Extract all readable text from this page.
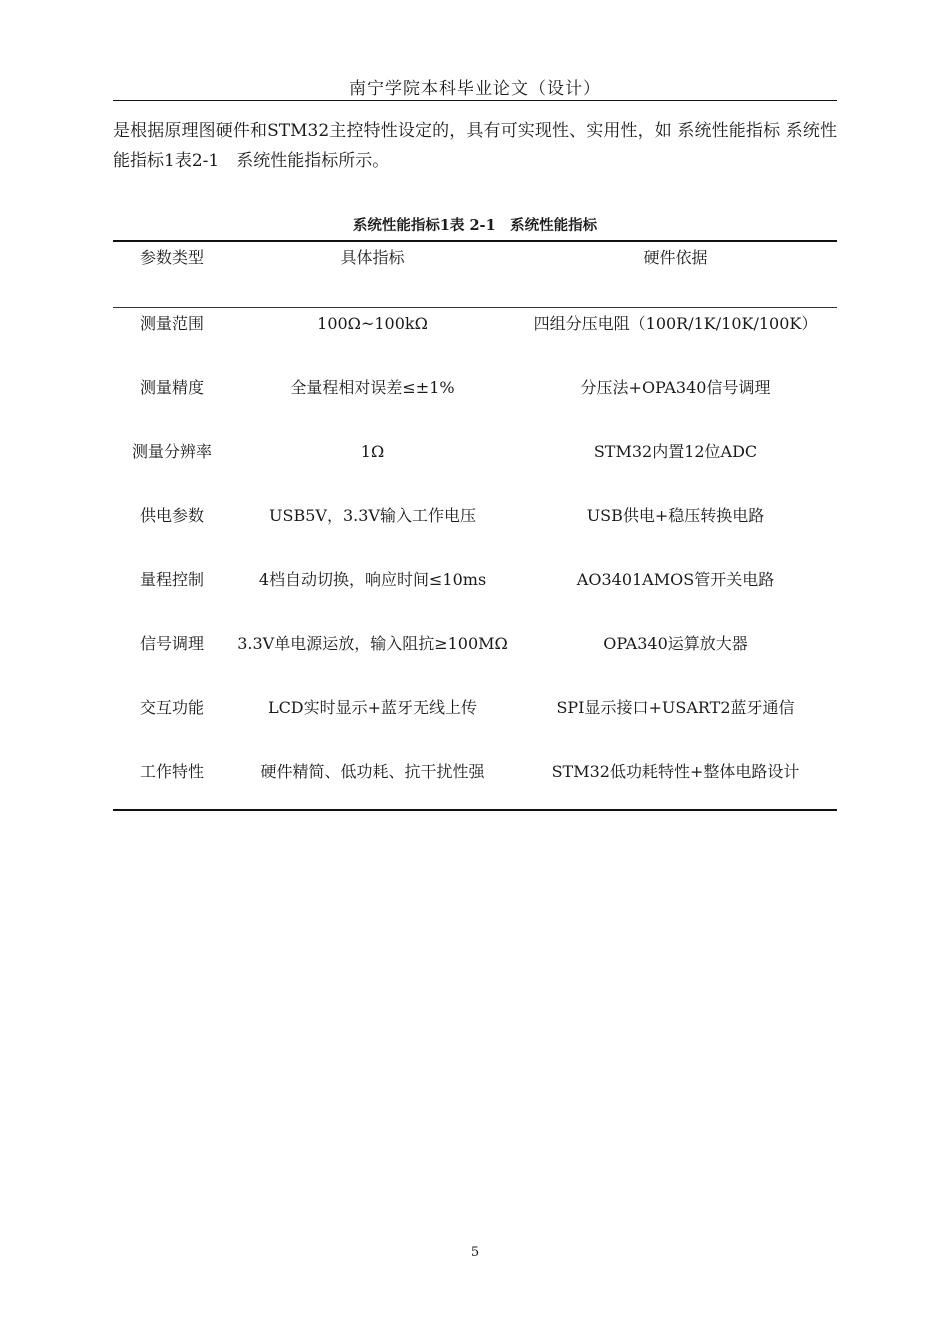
南宁学院本科毕业论文（设计）

是根据原理图硬件和STM32主控特性设定的，具有可实现性、实用性，如 系统性能指标 系统性能指标1表2-1　系统性能指标所示。

系统性能指标1表 2-1　系统性能指标
参数类型	具体指标	硬件依据
测量范围	100Ω~100kΩ	四组分压电阻（100R/1K/10K/100K）
测量精度	全量程相对误差≤±1%	分压法+OPA340信号调理
测量分辨率	1Ω	STM32内置12位ADC
供电参数	USB5V，3.3V输入工作电压	USB供电+稳压转换电路
量程控制	4档自动切换，响应时间≤10ms	AO3401AMOS管开关电路
信号调理	3.3V单电源运放，输入阻抗≥100MΩ	OPA340运算放大器
交互功能	LCD实时显示+蓝牙无线上传	SPI显示接口+USART2蓝牙通信
工作特性	硬件精简、低功耗、抗干扰性强	STM32低功耗特性+整体电路设计
5
